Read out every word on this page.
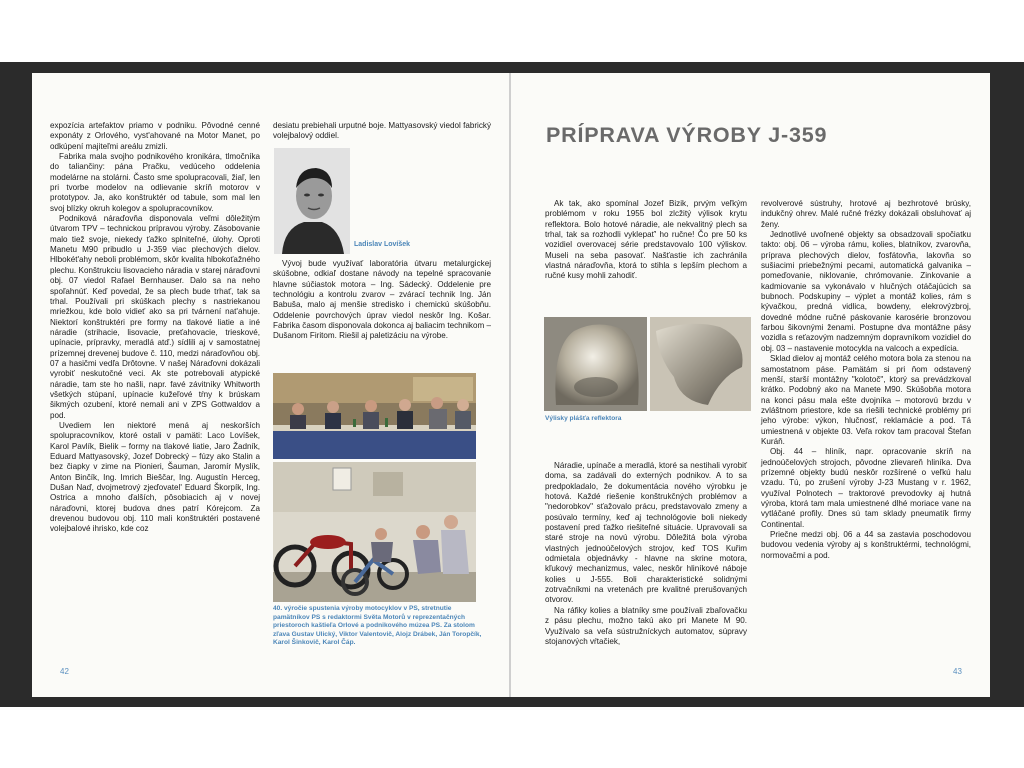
expozícia artefaktov priamo v podniku. Pôvodné cenné exponáty z Orlového, vyst'ahované na Motor Manet, po odkúpení majiteľmi areálu zmizli.

Fabrika mala svojho podnikového kronikára, tlmočníka do taliančiny: pána Pračku, vedúceho oddelenia modelárne na stolárni. Často sme spolupracovali, žiaľ, len pri tvorbe modelov na odlievanie skríň motorov v prototypov. Ja, ako konštruktér od tabule, som mal len svoj blízky okruh kolegov a spolupracovníkov.

Podniková náraďovňa disponovala veľmi dôležitým útvarom TPV – technickou prípravou výroby. Zásobovanie malo tiež svoje, niekedy ťažko splniteľné, úlohy. Oproti Manetu M90 pribudlo u J-359 viac plechových dielov. Hlbokét'ahy neboli problémom, skôr kvalita hlbokoťažného plechu. Konštrukciu lisovacieho náradia v starej náraďovni obj. 07 viedol Rafael Bernhauser. Dalo sa na neho spoľahnúť. Keď povedal, že sa plech bude trhať, tak sa trhal. Používali pri skúškach plechy s nastriekanou mriežkou, kde bolo vidieť ako sa pri tvárnení nat'ahuje. Niektorí konštruktéri pre formy na tlakové liatie a iné náradie (strihacie, lisovacie, preťahovacie, trieskové, upínacie, prípravky, meradlá atď.) sídlili aj v samostatnej prízemnej drevenej budove č. 110, medzi náraďovňou obj. 07 a hasičmi vedľa Drôtovne. V našej Náraďovni dokázali vyrobiť neskutočné veci. Ak ste potrebovali atypické náradie, tam ste ho našli, napr. favé závitníky Whitworth všetkých stúpaní, upínacie kužeľové tŕny k brúskam šikmých ozubení, ktoré nemali ani v ZPS Gottwaldov a pod.

Uvediem len niektoré mená aj neskorších spolupracovníkov, ktoré ostali v pamäti: Laco Lovíšek, Karol Pavlík, Bielik – formy na tlakové liatie, Jaro Žadník, Eduard Mattyasovský, Jozef Dobrecký – fúzy ako Stalin a bez čiapky v zime na Pionieri, Šauman, Jaromír Myslík, Anton Binčík, Ing. Imrich Bieščar, Ing. Augustín Herceg, Dušan Naď, dvojmetrový zjeďovatel' Eduard Škorpík, Ing. Ostrica a mnoho ďalších, pôsobiacich aj v novej náraďovni, ktorej budova dnes patrí Kórejcom. Za drevenou budovou obj. 110 mali konštruktéri postavené volejbalové ihrisko, kde coz

desiatu prebiehali urputné boje. Mattyasovský viedol fabrický volejbalový oddiel.

Ladislav Lovíšek

Vývoj bude využívať laboratória útvaru metalurgickej skúšobne, odkiaľ dostane návody na tepelné spracovanie hlavne súčiastok motora – Ing. Sádecký. Oddelenie pre technológiu a kontrolu zvarov – zvárací technik Ing. Ján Babuša, malo aj menšie stredisko i chemickú skúšobňu. Oddelenie povrchových úprav viedol neskôr Ing. Košar. Fabrika časom disponovala dokonca aj baliacim technikom – Dušanom Firitom. Riešil aj paletizáciu na výrobe.

40. výročie spustenia výroby motocyklov v PS, stretnutie pamätníkov PS s redaktormi Světa Motorů v reprezentačných priestoroch kaštieľa Orlové a podnikového múzea PS. Za stolom zľava Gustav Ulický, Viktor Valentovič, Alojz Drábek, Ján Toropčík, Karol Šinkovič, Karol Čáp.
42
PRÍPRAVA VÝROBY J-359

Ak tak, ako spomínal Jozef Bizik, prvým veľkým problémom v roku 1955 bol zlcžitý výlisok krytu reflektora. Bolo hotové náradie, ale nekvalitný plech sa trhal, tak sa rozhodli vyklepať' ho ručne! Čo pre 50 ks vozidiel overovacej série predstavovalo 100 výliskov. Museli na seba pasovať. Našťastie ich zachránila vlastná náraďovňa, ktorá to stihla s lepším plechom a ručné kusy mohli zahodiť.

Výlisky plášťa reflektora

Náradie, upínače a meradlá, ktoré sa nestihali vyrobiť doma, sa zadávali do externých podnikov. A to sa predpokladalo, že dokumentácia nového výrobku je hotová. Každé riešenie konštrukčných problémov a "nedorobkov" sťažovalo prácu, predstavovalo zmeny a posúvalo termíny, keď aj technológovie boli niekedy postavení pred ťažko riešiteľné situácie. Upravovali sa staré stroje na novú výrobu. Dôležitá bola výroba vlastných jednoúčelových strojov, keď TOS Kuřim odmietala objednávky - hlavne na skrine motora, kľukový mechanizmus, valec, neskôr hliníkové náboje kolies u J-555. Boli charakteristické solidnými zotrvačníkmi na vretenách pre kvalitné prerušovaných otvorov.

Na ráfiky kolies a blatníky sme používali zbaľovačku z pásu plechu, možno takú ako pri Manete M 90. Využívalo sa veľa sústružníckych automatov, súpravy stojanových vŕtačiek,

revolverové sústruhy, hrotové aj bezhrotové brúsky, indukčný ohrev. Malé ručné frézky dokázali obsluhovať aj ženy.

Jednotlivé uvoľnené objekty sa obsadzovali spočiatku takto: obj. 06 – výroba rámu, kolies, blatníkov, zvarovňa, príprava plechových dielov, fosfátovňa, lakovňa so sušiacimi priebežnými pecami, automatická galvanika – pomeďovanie, niklovanie, chrómovanie. Zinkovanie a kadmiovanie sa vykonávalo v hlučných otáčajúcich sa bubnoch. Podskupiny – výplet a montáž kolies, rám s kývačkou, predná vidlica, bowdeny, elekrovýzbroj, dovedné módne ručné páskovanie karosérie bronzovou farbou šikovnými ženami. Postupne dva montážne pásy vozidla s reťazovým nadzemným dopravníkom vozidiel do obj. 03 – nastavenie motocykla na valcoch a expedícia.

Sklad dielov aj montáž celého motora bola za stenou na samostatnom páse. Pamätám si pri ňom odstavený menší, starší montážny "kolotoč", ktorý sa prevádzkoval krátko. Podobný ako na Manete M90. Skúšobňa motora na konci pásu mala ešte dvojníka – motorovú brzdu v zvláštnom priestore, kde sa riešili technické problémy pri jeho výrobe: výkon, hlučnosť, reklamácie a pod. Tá umiestnená v objekte 03. Veľa rokov tam pracoval Štefan Kuráň.

Obj. 44 – hliník, napr. opracovanie skríň na jednoúčelových strojoch, pôvodne zlievareň hliníka. Dva prízemné objekty budú neskôr rozšírené o veľkú halu vzadu. Tú, po zrušení výroby J-23 Mustang v r. 1962, využíval Polnotech – traktorové prevodovky aj hutná výroba, ktorá tam mala umiestnené dlhé moriace vane na vytláčané profily. Dnes sú tam sklady pneumatík firmy Continental.

Priečne medzi obj. 06 a 44 sa zastavia poschodovou budovou vedenia výroby aj s konštruktérmi, technológmi, normovačmi a pod.

43
